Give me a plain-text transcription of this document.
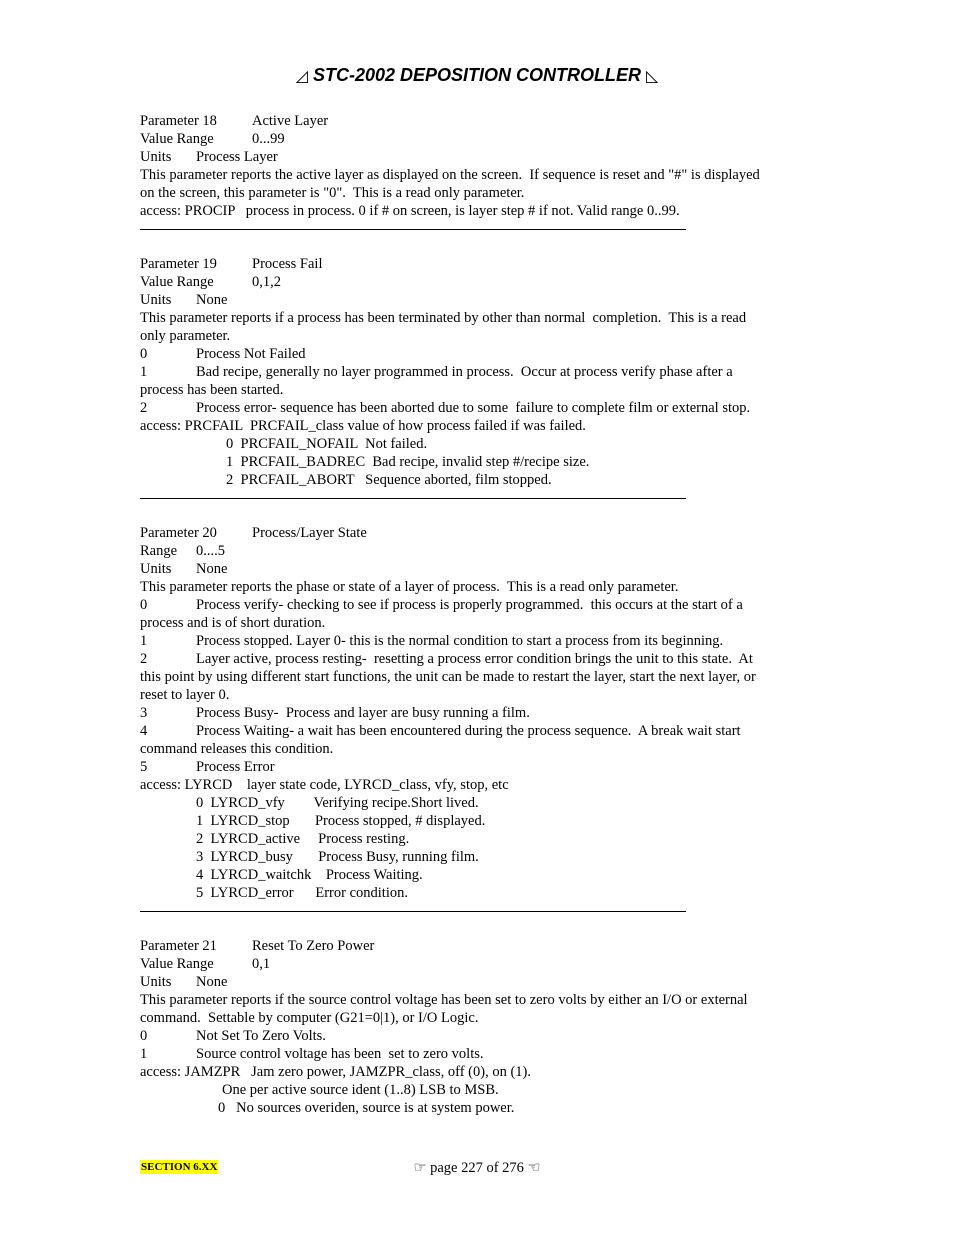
◿ STC-2002 DEPOSITION CONTROLLER ◺
Parameter 18 Active Layer
Value Range	0...99
Units Process Layer
This parameter reports the active layer as displayed on the screen.  If sequence is reset and "#" is displayed
on the screen, this parameter is "0".  This is a read only parameter.
access: PROCIP   process in process. 0 if # on screen, is layer step # if not. Valid range 0..99.
Parameter 19 Process Fail
Value Range	0,1,2
Units None
This parameter reports if a process has been terminated by other than normal  completion.  This is a read
only parameter.
0	Process Not Failed
1	Bad recipe, generally no layer programmed in process.  Occur at process verify phase after a
process has been started.
2	Process error- sequence has been aborted due to some  failure to complete film or external stop.
access: PRCFAIL  PRCFAIL_class value of how process failed if was failed.
0  PRCFAIL_NOFAIL  Not failed.
1  PRCFAIL_BADREC  Bad recipe, invalid step #/recipe size.
2  PRCFAIL_ABORT   Sequence aborted, film stopped.
Parameter 20 Process/Layer State
Range 0....5
Units None
This parameter reports the phase or state of a layer of process.  This is a read only parameter.
0	Process verify- checking to see if process is properly programmed.  this occurs at the start of a
process and is of short duration.
1	Process stopped. Layer 0- this is the normal condition to start a process from its beginning.
2	Layer active, process resting-  resetting a process error condition brings the unit to this state.  At
this point by using different start functions, the unit can be made to restart the layer, start the next layer, or
reset to layer 0.
3	Process Busy-  Process and layer are busy running a film.
4	Process Waiting- a wait has been encountered during the process sequence.  A break wait start
command releases this condition.
5	Process Error
access: LYRCD    layer state code, LYRCD_class, vfy, stop, etc
0  LYRCD_vfy        Verifying recipe.Short lived.
1  LYRCD_stop       Process stopped, # displayed.
2  LYRCD_active     Process resting.
3  LYRCD_busy       Process Busy, running film.
4  LYRCD_waitchk    Process Waiting.
5  LYRCD_error      Error condition.
Parameter 21 Reset To Zero Power
Value Range	0,1
Units None
This parameter reports if the source control voltage has been set to zero volts by either an I/O or external
command.  Settable by computer (G21=0|1), or I/O Logic.
0	Not Set To Zero Volts.
1	Source control voltage has been  set to zero volts.
access: JAMZPR   Jam zero power, JAMZPR_class, off (0), on (1).
One per active source ident (1..8) LSB to MSB.
0   No sources overiden, source is at system power.
SECTION 6.XX	☞ page 227 of 276 ☜
